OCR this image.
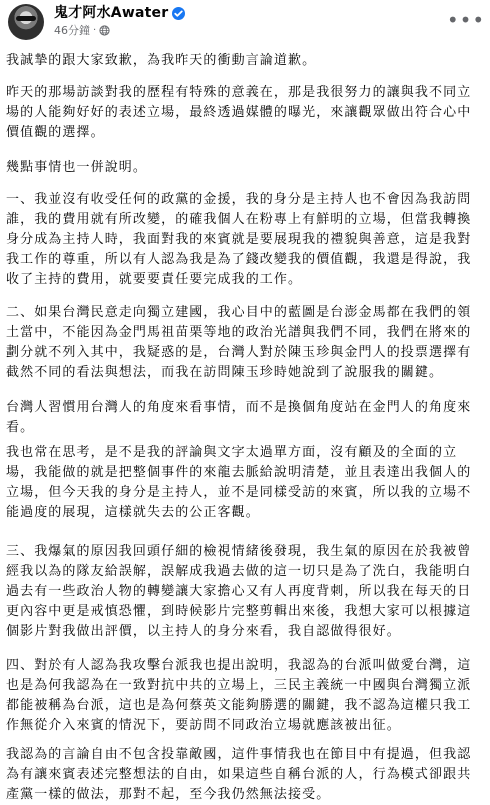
鬼才阿水Awater
46分鐘 ·	•••
我誠摯的跟大家致歉，為我昨天的衝動言論道歉。
昨天的那場訪談對我的歷程有特殊的意義在，那是我很努力的讓與我不同立場的人能夠好好的表述立場，最終透過媒體的曝光，來讓觀眾做出符合心中價值觀的選擇。
幾點事情也一併說明。
一、我並沒有收受任何的政黨的金援，我的身分是主持人也不會因為我訪問誰，我的費用就有所改變，的確我個人在粉專上有鮮明的立場，但當我轉換身分成為主持人時，我面對我的來賓就是要展現我的禮貌與善意，這是我對我工作的尊重，所以有人認為我是為了錢改變我的價值觀，我還是得說，我收了主持的費用，就要要責任要完成我的工作。
二、如果台灣民意走向獨立建國，我心目中的藍圖是台澎金馬都在我們的領土當中，不能因為金門馬祖苗栗等地的政治光譜與我們不同，我們在將來的劃分就不列入其中，我疑惑的是，台灣人對於陳玉珍與金門人的投票選擇有截然不同的看法與想法，而我在訪問陳玉珍時她說到了說服我的關鍵。
台灣人習慣用台灣人的角度來看事情，而不是換個角度站在金門人的角度來看。
我也常在思考，是不是我的評論與文字太過單方面，沒有顧及的全面的立場，我能做的就是把整個事件的來龍去脈給說明清楚，並且表達出我個人的立場，但今天我的身分是主持人，並不是同樣受訪的來賓，所以我的立場不能過度的展現，這樣就失去的公正客觀。
三、我爆氣的原因我回頭仔細的檢視情緒後發現，我生氣的原因在於我被曾經我以為的隊友給誤解，誤解成我過去做的這一切只是為了洗白，我能明白過去有一些政治人物的轉變讓大家擔心又有人再度背刺，所以我在每天的日更內容中更是戒慎恐懼，到時候影片完整剪輯出來後，我想大家可以根據這個影片對我做出評價，以主持人的身分來看，我自認做得很好。
四、對於有人認為我攻擊台派我也提出說明，我認為的台派叫做愛台灣，這也是為何我認為在一致對抗中共的立場上，三民主義統一中國與台灣獨立派都能被稱為台派，這也是為何蔡英文能夠勝選的關鍵，我不認為這權只我工作無從介入來賓的情況下，要訪問不同政治立場就應該被出征。
我認為的言論自由不包含投靠敵國，這件事情我也在節目中有提過，但我認為有讓來賓表述完整想法的自由，如果這些自稱台派的人，行為模式卻跟共產黨一樣的做法，那對不起，至今我仍然無法接受。
